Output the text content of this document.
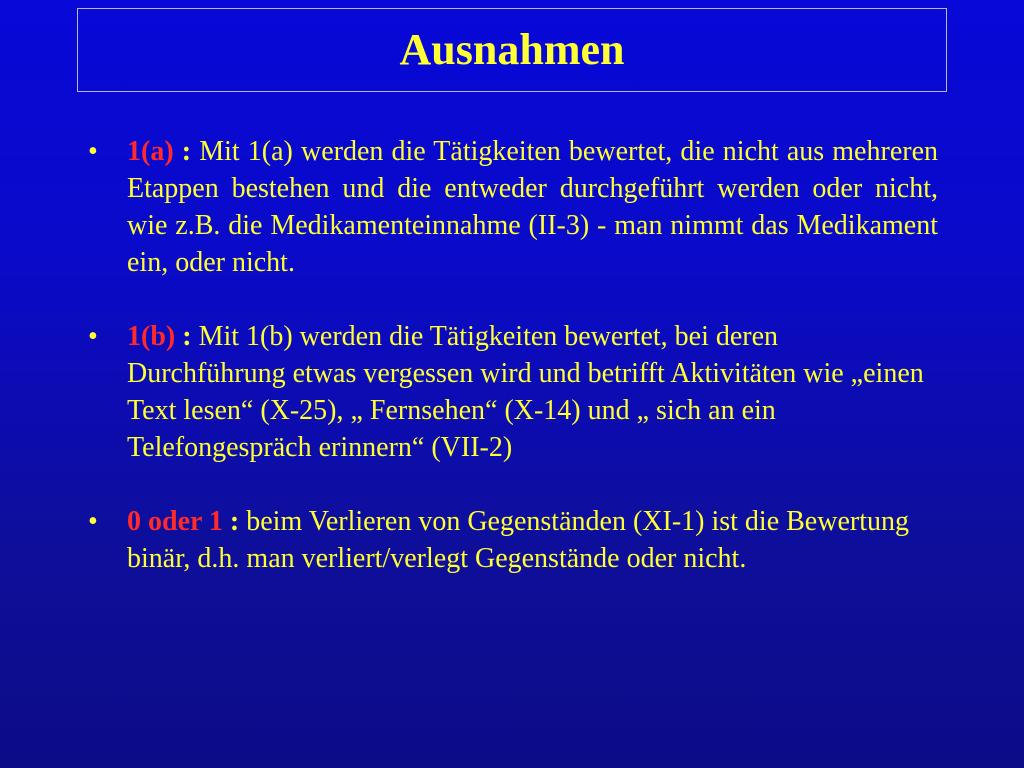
Ausnahmen
• 1(a) : Mit 1(a) werden die Tätigkeiten bewertet, die nicht aus mehreren Etappen bestehen und die entweder durchgeführt werden oder nicht, wie z.B. die Medikamenteinnahme (II-3) - man nimmt das Medikament ein, oder nicht.
• 1(b) : Mit 1(b) werden die Tätigkeiten bewertet, bei deren Durchführung etwas vergessen wird und betrifft Aktivitäten wie „einen Text lesen“ (X-25), „ Fernsehen“ (X-14) und „ sich an ein Telefongespräch erinnern“ (VII-2)
• 0 oder 1 : beim Verlieren von Gegenständen (XI-1) ist die Bewertung binär, d.h. man verliert/verlegt Gegenstände oder nicht.
